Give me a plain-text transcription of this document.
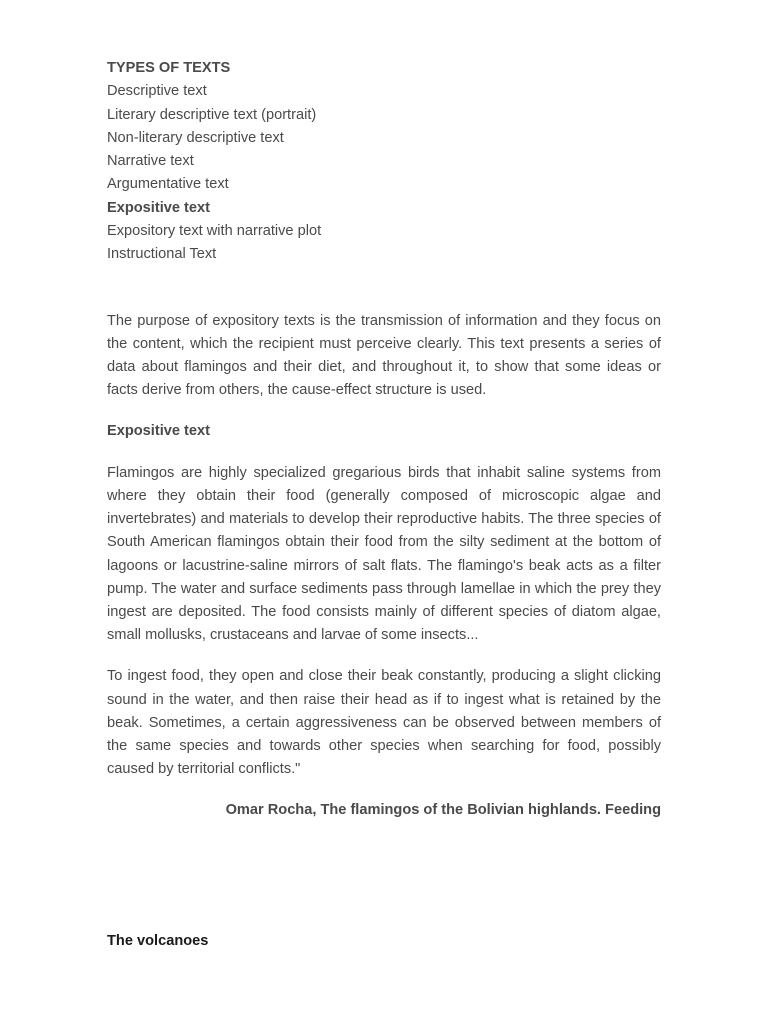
TYPES OF TEXTS

Descriptive text
Literary descriptive text (portrait)
Non-literary descriptive text
Narrative text
Argumentative text
Expositive text
Expository text with narrative plot
Instructional Text

The purpose of expository texts is the transmission of information and they focus on the content, which the recipient must perceive clearly. This text presents a series of data about flamingos and their diet, and throughout it, to show that some ideas or facts derive from others, the cause-effect structure is used.

Expositive text

Flamingos are highly specialized gregarious birds that inhabit saline systems from where they obtain their food (generally composed of microscopic algae and invertebrates) and materials to develop their reproductive habits. The three species of South American flamingos obtain their food from the silty sediment at the bottom of lagoons or lacustrine-saline mirrors of salt flats. The flamingo's beak acts as a filter pump. The water and surface sediments pass through lamellae in which the prey they ingest are deposited. The food consists mainly of different species of diatom algae, small mollusks, crustaceans and larvae of some insects...

To ingest food, they open and close their beak constantly, producing a slight clicking sound in the water, and then raise their head as if to ingest what is retained by the beak. Sometimes, a certain aggressiveness can be observed between members of the same species and towards other species when searching for food, possibly caused by territorial conflicts."

Omar Rocha, The flamingos of the Bolivian highlands. Feeding

The volcanoes
